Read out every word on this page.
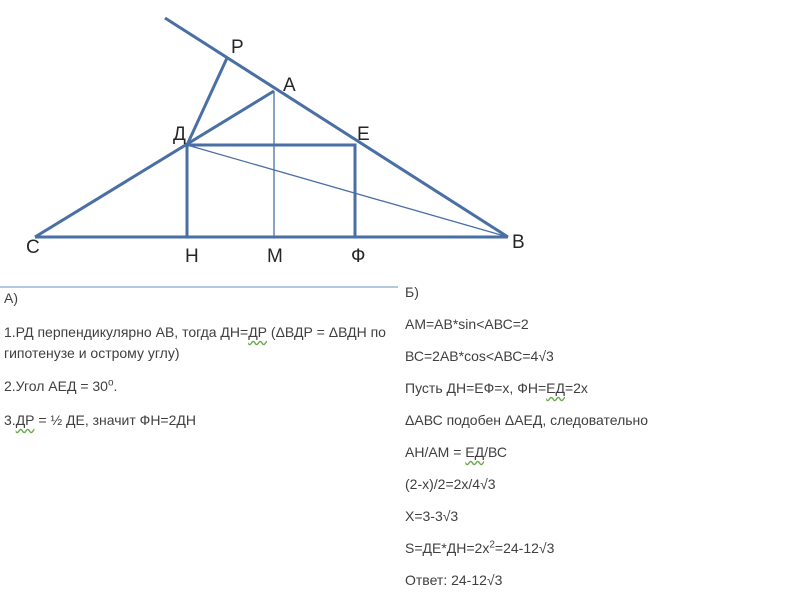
Р
А
Д	Е
С	В
Н	М	Ф

А)

1.РД перпендикулярно АВ, тогда ДН=ДР (ΔВДР = ΔВДН по гипотенузе и острому углу)

2.Угол АЕД = $30^о$.

3.ДР = ½ ДЕ, значит ФН=2ДН

Б)

АМ=АВ*sin<АВС=2

ВС=2АВ*cos<АВС=4√3

Пусть ДН=ЕФ=х, ФН=ЕД=2х

ΔАВС подобен ΔАЕД, следовательно

АН/АМ = ЕД/ВС

(2-х)/2=2х/4√3

Х=3-3√3

$S=ДЕ*ДН=2х^2=24-12√3$

Ответ: 24-12√3
